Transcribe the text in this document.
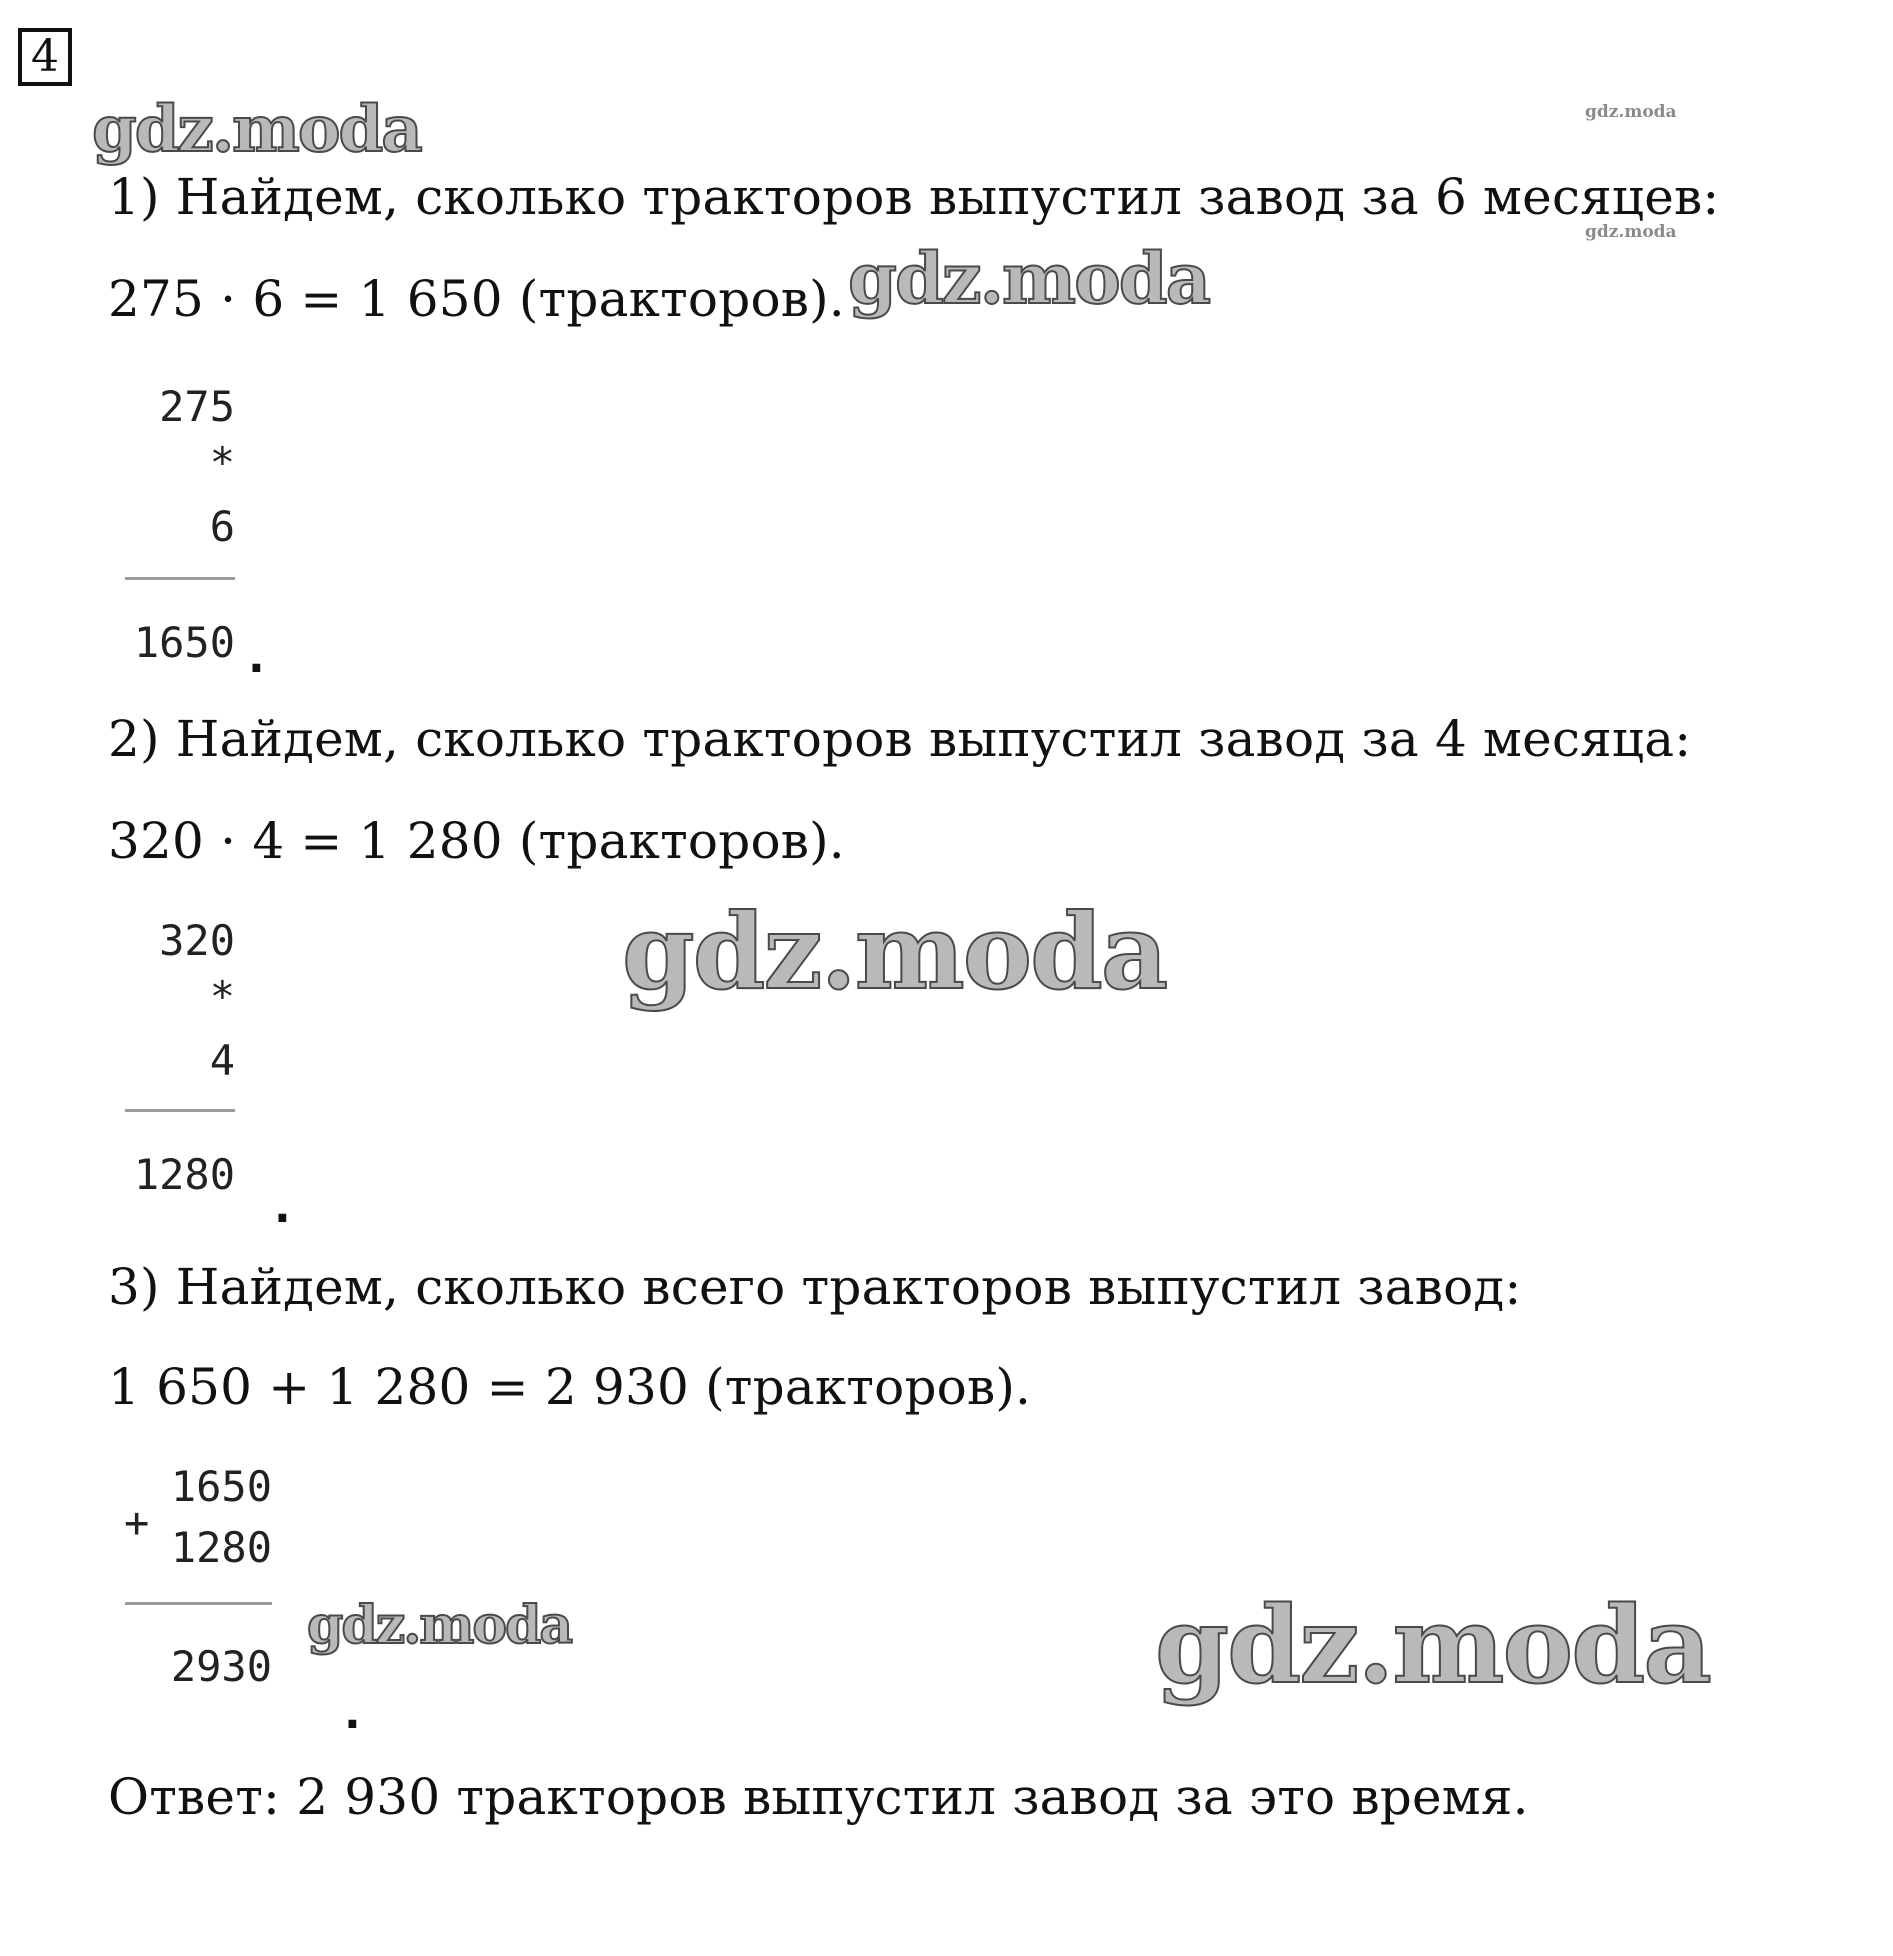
4
gdz.moda	gdz.moda
gdz.moda
gdz.moda
gdz.moda
gdz.moda	gdz.moda
1) Найдем, сколько тракторов выпустил завод за 6 месяцев:
275 · 6 = 1 650 (тракторов).
275
*
6
1650 .
2) Найдем, сколько тракторов выпустил завод за 4 месяца:
320 · 4 = 1 280 (тракторов).
320
*
4
1280
.
3) Найдем, сколько всего тракторов выпустил завод:
1 650 + 1 280 = 2 930 (тракторов).
1650
+
1280
2930
.
Ответ: 2 930 тракторов выпустил завод за это время.
